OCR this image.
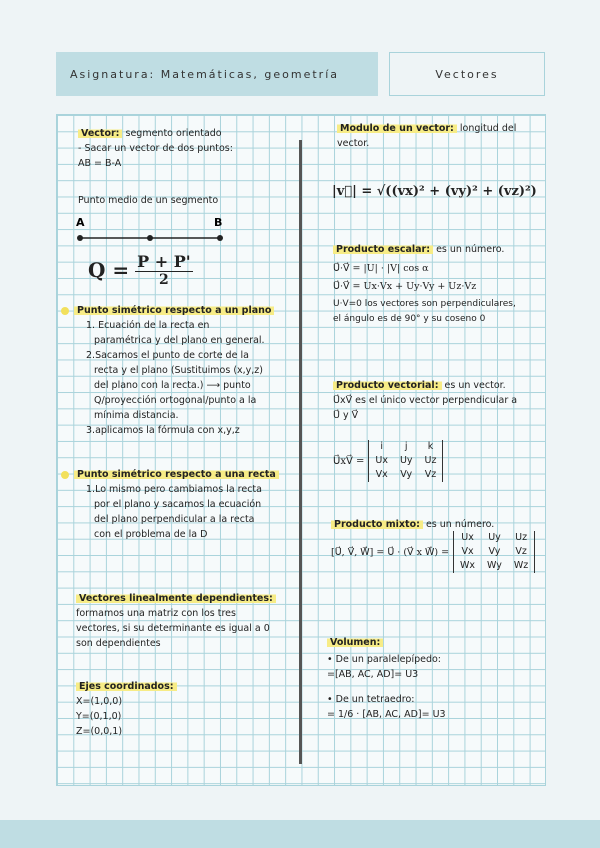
Asignatura: Matemáticas, geometría	Vectores
Vector: segmento orientado
- Sacar un vector de dos puntos:
AB = B-A
Punto medio de un segmento
A	B
$Q = \frac{P + P'}{2}$
Punto simétrico respecto a un plano
1. Ecuación de la recta en
paramétrica y del plano en general.
2.Sacamos el punto de corte de la
recta y el plano (Sustituimos (x,y,z)
del plano con la recta.) ⟶ punto
Q/proyección ortogonal/punto a la
mínima distancia.
3.aplicamos la fórmula con x,y,z
Punto simétrico respecto a una recta
1.Lo mismo pero cambiamos la recta
por el plano y sacamos la ecuación
del plano perpendicular a la recta
con el problema de la D
Vectores linealmente dependientes:
formamos una matriz con los tres
vectores, si su determinante es igual a 0
son dependientes
Ejes coordinados:
X=(1,0,0)
Y=(0,1,0)
Z=(0,0,1)
Modulo de un vector: longitud del
vector.
|v⃗| = √((vx)² + (vy)² + (vz)²)
Producto escalar: es un número.
U⃗·V⃗ = |U| · |V| cos α
U⃗·V⃗ = Ux·Vx + Uy·Vy + Uz·Vz
U·V=0 los vectores son perpendiculares,
el ángulo es de 90° y su coseno 0
Producto vectorial: es un vector.
U⃗xV⃗ es el único vector perpendicular a
U⃗ y V⃗
U⃗xV⃗ =
i	j	k
Ux	Uy	Uz
Vx	Vy	Vz
Producto mixto: es un número.
[U⃗, V⃗, W⃗] = U⃗ · (V⃗ x W⃗) =
Ux	Uy	Uz
Vx	Vy	Vz
Wx	Wy	Wz
Volumen:
• De un paralelepípedo:
=[AB, AC, AD]= U3
• De un tetraedro:
= 1/6 · [AB, AC, AD]= U3
